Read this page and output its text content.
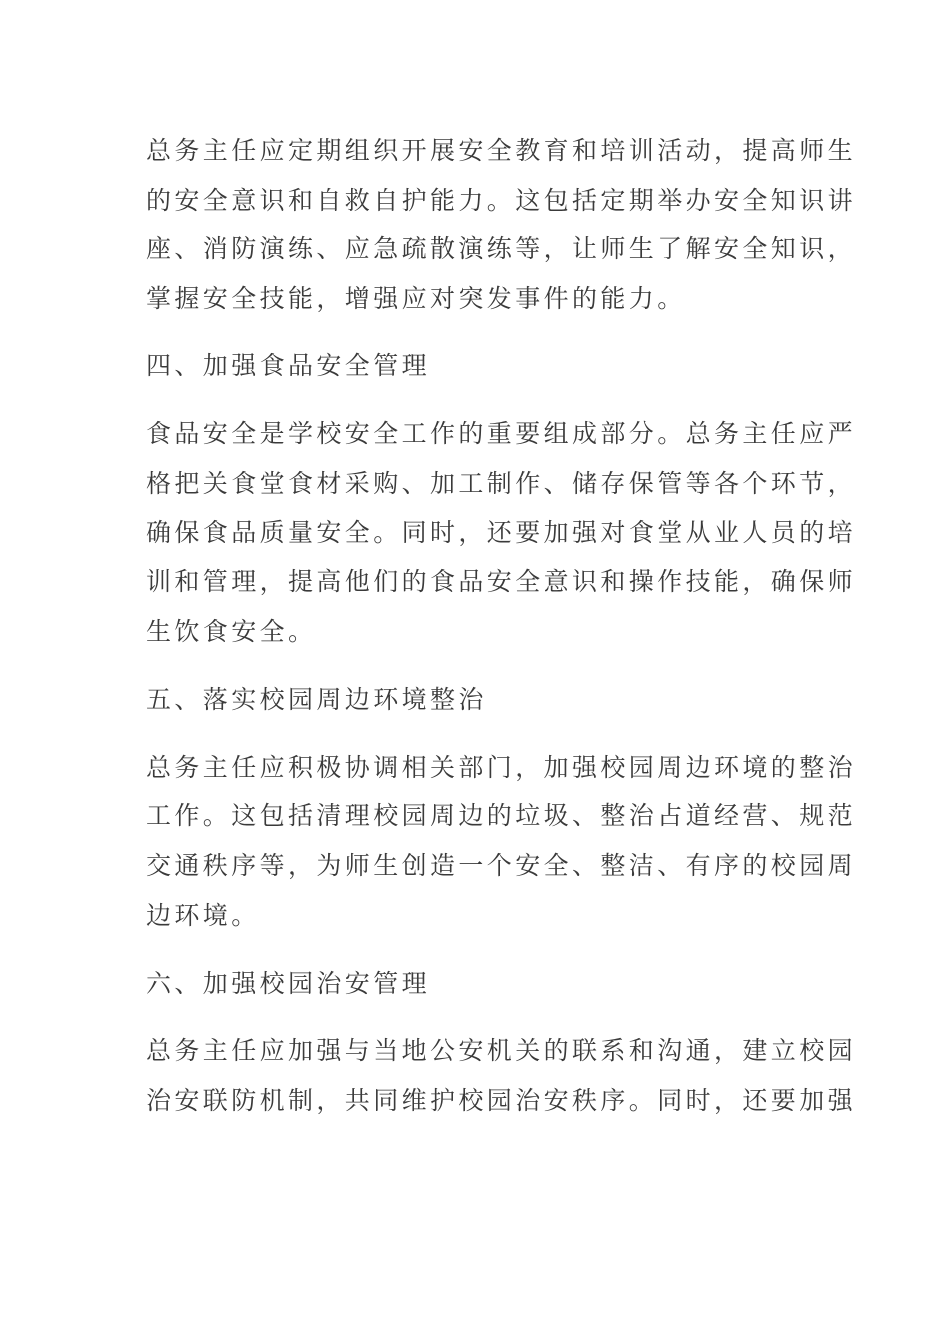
总务主任应定期组织开展安全教育和培训活动，提高师生
的安全意识和自救自护能力。这包括定期举办安全知识讲
座、消防演练、应急疏散演练等，让师生了解安全知识，
掌握安全技能，增强应对突发事件的能力。
四、加强食品安全管理
食品安全是学校安全工作的重要组成部分。总务主任应严
格把关食堂食材采购、加工制作、储存保管等各个环节，
确保食品质量安全。同时，还要加强对食堂从业人员的培
训和管理，提高他们的食品安全意识和操作技能，确保师
生饮食安全。
五、落实校园周边环境整治
总务主任应积极协调相关部门，加强校园周边环境的整治
工作。这包括清理校园周边的垃圾、整治占道经营、规范
交通秩序等，为师生创造一个安全、整洁、有序的校园周
边环境。
六、加强校园治安管理
总务主任应加强与当地公安机关的联系和沟通，建立校园
治安联防机制，共同维护校园治安秩序。同时，还要加强
